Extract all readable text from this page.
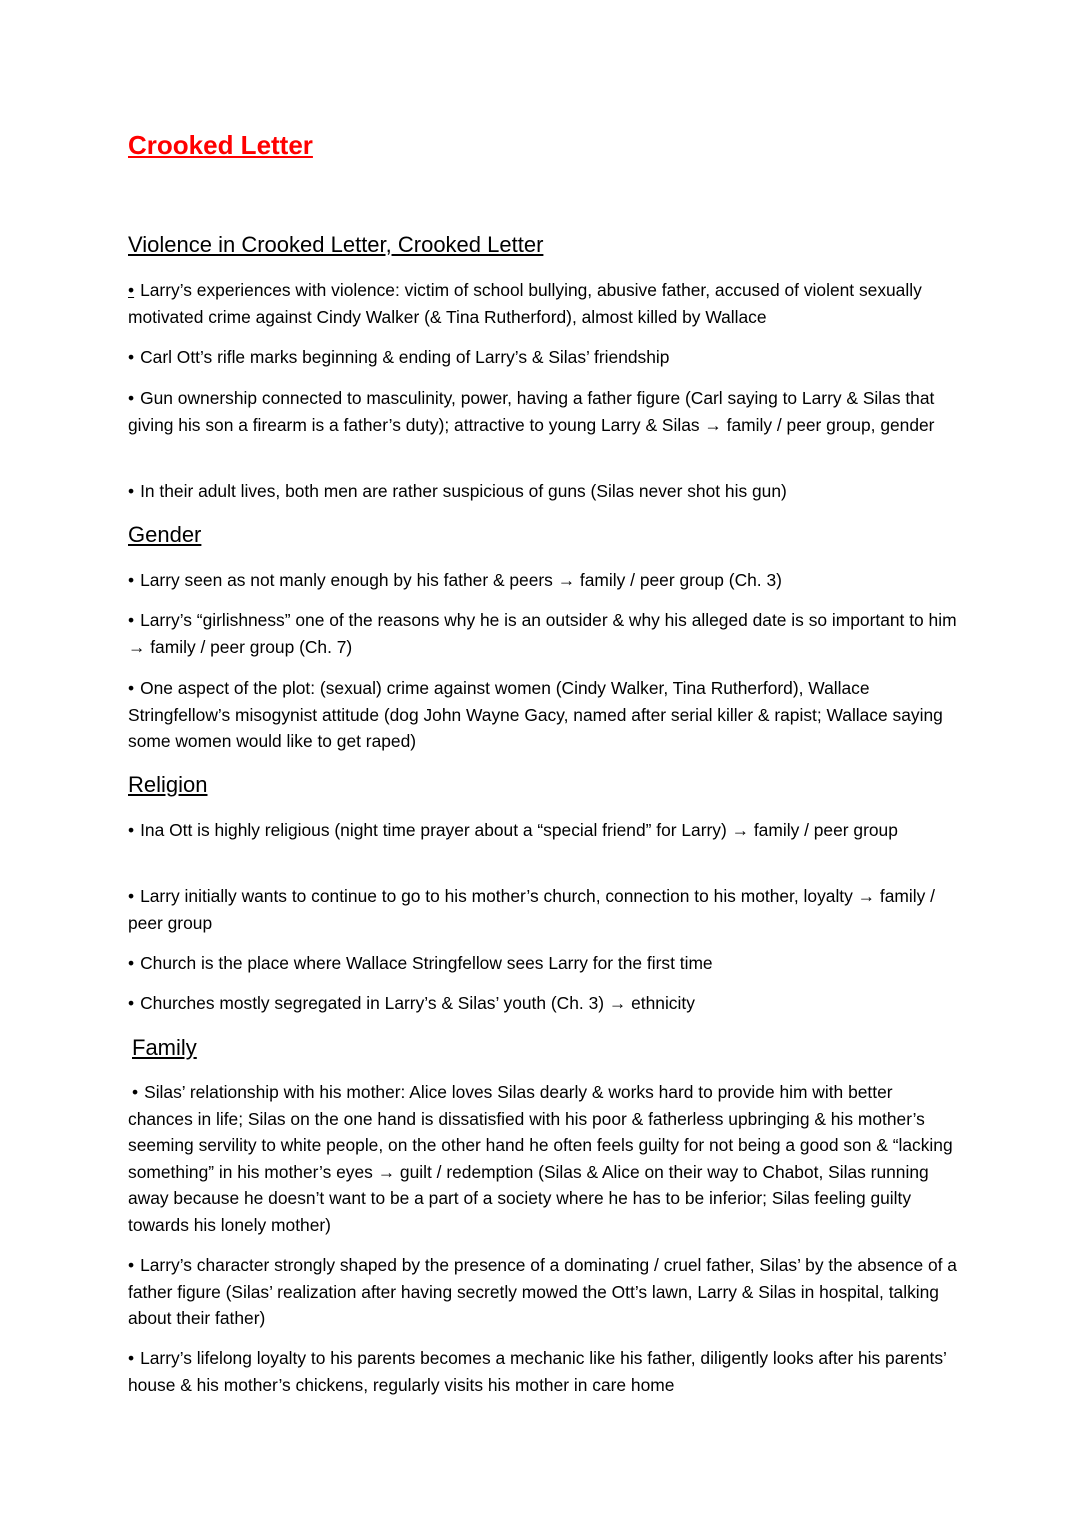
Crooked Letter
Violence in Crooked Letter, Crooked Letter

• Larry’s experiences with violence: victim of school bullying, abusive father, accused of violent sexually motivated crime against Cindy Walker (& Tina Rutherford), almost killed by Wallace

• Carl Ott’s rifle marks beginning & ending of Larry’s & Silas’ friendship

• Gun ownership connected to masculinity, power, having a father figure (Carl saying to Larry & Silas that giving his son a firearm is a father’s duty); attractive to young Larry & Silas → family / peer group, gender

• In their adult lives, both men are rather suspicious of guns (Silas never shot his gun)

Gender

• Larry seen as not manly enough by his father & peers → family / peer group (Ch. 3)

• Larry’s “girlishness” one of the reasons why he is an outsider & why his alleged date is so important to him → family / peer group (Ch. 7)

• One aspect of the plot: (sexual) crime against women (Cindy Walker, Tina Rutherford), Wallace Stringfellow’s misogynist attitude (dog John Wayne Gacy, named after serial killer & rapist; Wallace saying some women would like to get raped)

Religion

• Ina Ott is highly religious (night time prayer about a “special friend” for Larry) → family / peer group

• Larry initially wants to continue to go to his mother’s church, connection to his mother, loyalty → family / peer group

• Church is the place where Wallace Stringfellow sees Larry for the first time

• Churches mostly segregated in Larry’s & Silas’ youth (Ch. 3) → ethnicity

Family

• Silas’ relationship with his mother: Alice loves Silas dearly & works hard to provide him with better chances in life; Silas on the one hand is dissatisfied with his poor & fatherless upbringing & his mother’s seeming servility to white people, on the other hand he often feels guilty for not being a good son & “lacking something” in his mother’s eyes → guilt / redemption (Silas & Alice on their way to Chabot, Silas running away because he doesn’t want to be a part of a society where he has to be inferior; Silas feeling guilty towards his lonely mother)

• Larry’s character strongly shaped by the presence of a dominating / cruel father, Silas’ by the absence of a father figure (Silas’ realization after having secretly mowed the Ott’s lawn, Larry & Silas in hospital, talking about their father)

• Larry’s lifelong loyalty to his parents becomes a mechanic like his father, diligently looks after his parents’ house & his mother’s chickens, regularly visits his mother in care home
